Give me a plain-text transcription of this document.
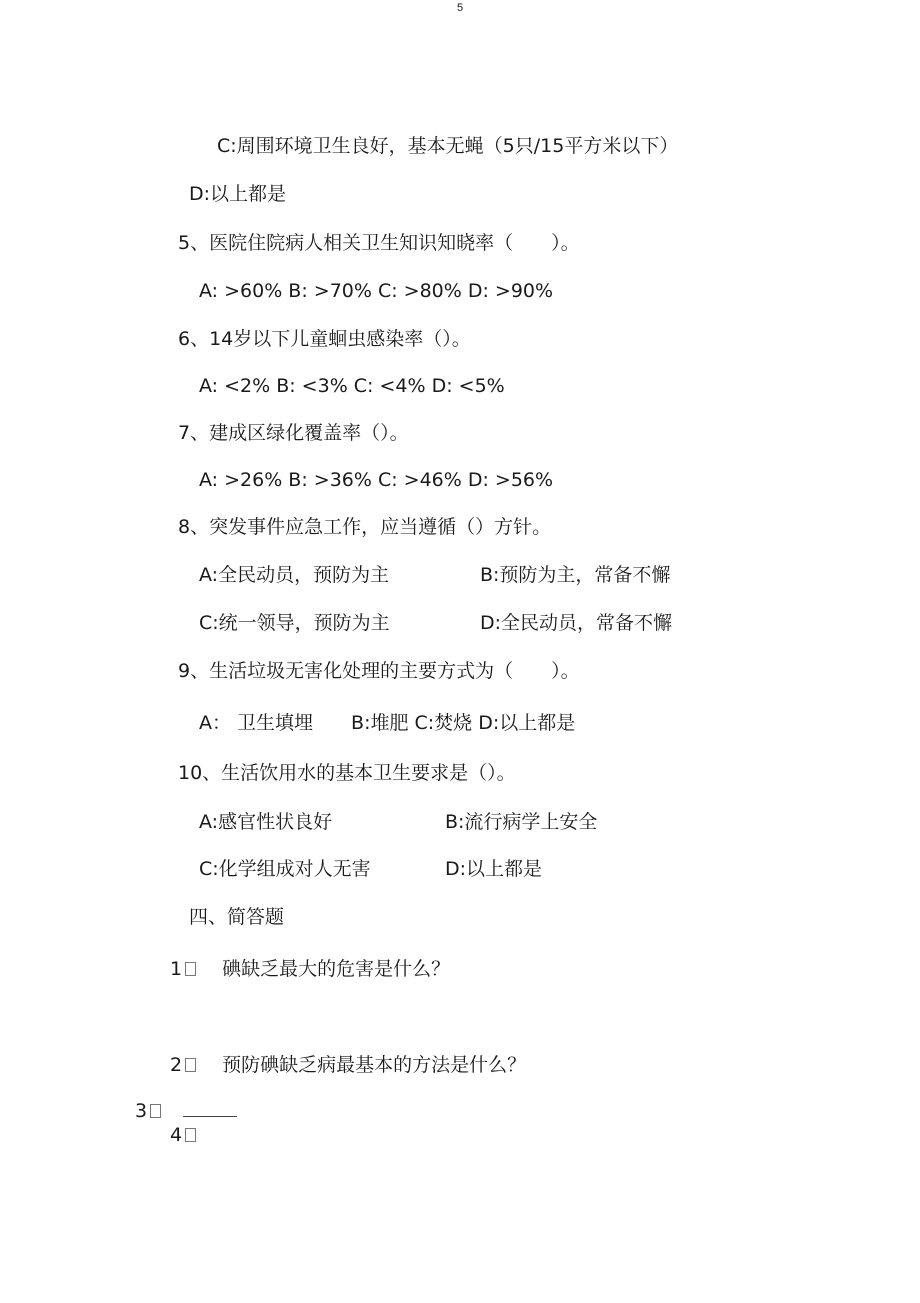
5
C:周围环境卫生良好，基本无蝇（5只/15平方米以下）
D:以上都是
5、医院住院病人相关卫生知识知晓率（　　）。
A: >60% B: >70% C: >80% D: >90%
6、14岁以下儿童蛔虫感染率（）。
A: <2% B: <3% C: <4% D: <5%
7、建成区绿化覆盖率（）。
A: >26% B: >36% C: >46% D: >56%
8、突发事件应急工作，应当遵循（）方针。
A:全民动员，预防为主	B:预防为主，常备不懈
C:统一领导，预防为主	D:全民动员，常备不懈
9、生活垃圾无害化处理的主要方式为（　　）。
A： 卫生填埋　　B:堆肥 C:焚烧 D:以上都是
10、生活饮用水的基本卫生要求是（）。
A:感官性状良好	B:流行病学上安全
C:化学组成对人无害	D:以上都是
四、简答题
1 碘缺乏最大的危害是什么？
2 预防碘缺乏病最基本的方法是什么？
3
4
